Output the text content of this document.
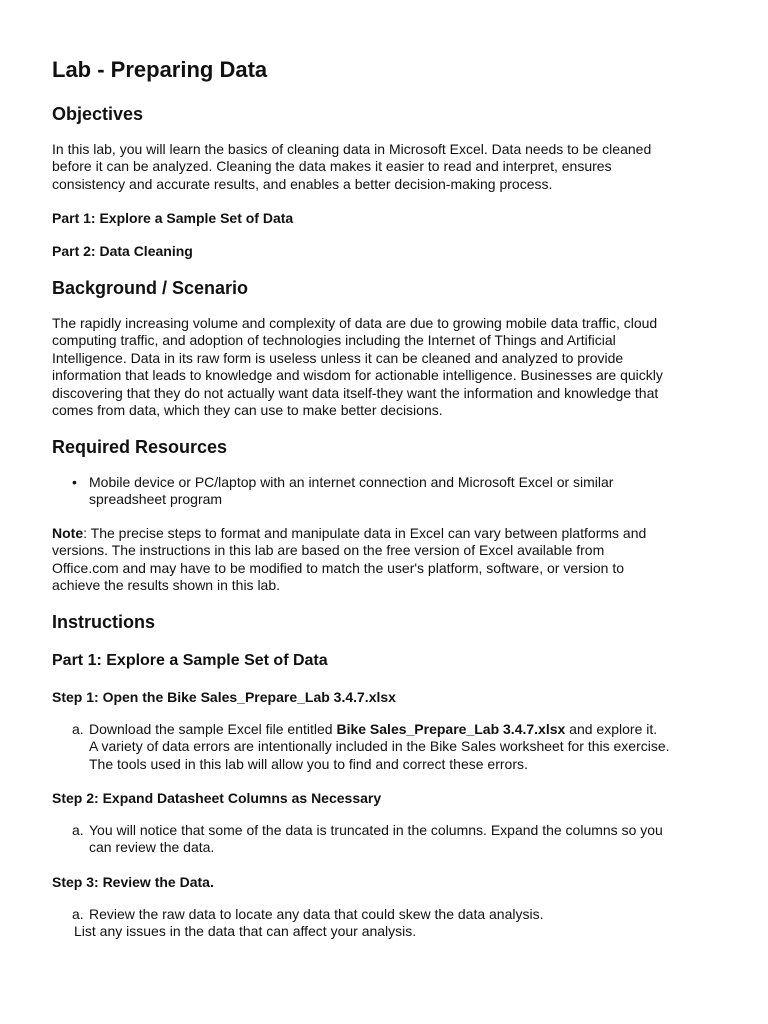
Lab - Preparing Data
Objectives

In this lab, you will learn the basics of cleaning data in Microsoft Excel. Data needs to be cleaned
before it can be analyzed. Cleaning the data makes it easier to read and interpret, ensures
consistency and accurate results, and enables a better decision-making process.

Part 1: Explore a Sample Set of Data
Part 2: Data Cleaning
Background / Scenario

The rapidly increasing volume and complexity of data are due to growing mobile data traffic, cloud
computing traffic, and adoption of technologies including the Internet of Things and Artificial
Intelligence. Data in its raw form is useless unless it can be cleaned and analyzed to provide
information that leads to knowledge and wisdom for actionable intelligence. Businesses are quickly
discovering that they do not actually want data itself-they want the information and knowledge that
comes from data, which they can use to make better decisions.

Required Resources
• Mobile device or PC/laptop with an internet connection and Microsoft Excel or similar
spreadsheet program

Note: The precise steps to format and manipulate data in Excel can vary between platforms and
versions. The instructions in this lab are based on the free version of Excel available from
Office.com and may have to be modified to match the user's platform, software, or version to
achieve the results shown in this lab.

Instructions
Part 1: Explore a Sample Set of Data
Step 1: Open the Bike Sales_Prepare_Lab 3.4.7.xlsx
a. Download the sample Excel file entitled Bike Sales_Prepare_Lab 3.4.7.xlsx and explore it.
A variety of data errors are intentionally included in the Bike Sales worksheet for this exercise.
The tools used in this lab will allow you to find and correct these errors.
Step 2: Expand Datasheet Columns as Necessary
a. You will notice that some of the data is truncated in the columns. Expand the columns so you
can review the data.
Step 3: Review the Data.
a. Review the raw data to locate any data that could skew the data analysis.
List any issues in the data that can affect your analysis.
